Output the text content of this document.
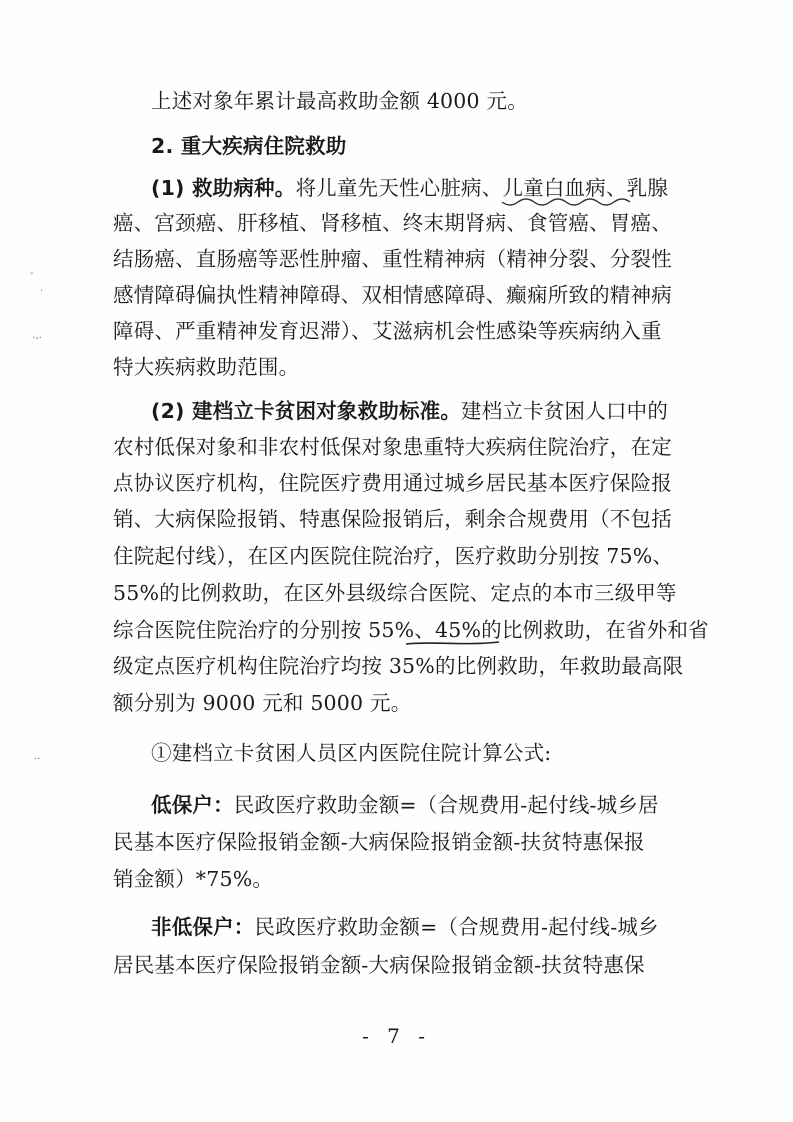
上述对象年累计最高救助金额 4000 元。
2. 重大疾病住院救助
(1) 救助病种。将儿童先天性心脏病、儿童白血病、乳腺
癌、宫颈癌、肝移植、肾移植、终末期肾病、食管癌、胃癌、
结肠癌、直肠癌等恶性肿瘤、重性精神病（精神分裂、分裂性
感情障碍偏执性精神障碍、双相情感障碍、癫痫所致的精神病
障碍、严重精神发育迟滞）、艾滋病机会性感染等疾病纳入重
特大疾病救助范围。
(2) 建档立卡贫困对象救助标准。建档立卡贫困人口中的
农村低保对象和非农村低保对象患重特大疾病住院治疗，在定
点协议医疗机构，住院医疗费用通过城乡居民基本医疗保险报
销、大病保险报销、特惠保险报销后，剩余合规费用（不包括
住院起付线），在区内医院住院治疗，医疗救助分别按 75%、
55%的比例救助，在区外县级综合医院、定点的本市三级甲等
综合医院住院治疗的分别按 55%、45%的比例救助，在省外和省
级定点医疗机构住院治疗均按 35%的比例救助，年救助最高限
额分别为 9000 元和 5000 元。
①建档立卡贫困人员区内医院住院计算公式:
低保户：民政医疗救助金额=（合规费用-起付线-城乡居
民基本医疗保险报销金额-大病保险报销金额-扶贫特惠保报
销金额）*75%。
非低保户：民政医疗救助金额=（合规费用-起付线-城乡
居民基本医疗保险报销金额-大病保险报销金额-扶贫特惠保
-
·
·-·
··
- 7 -
